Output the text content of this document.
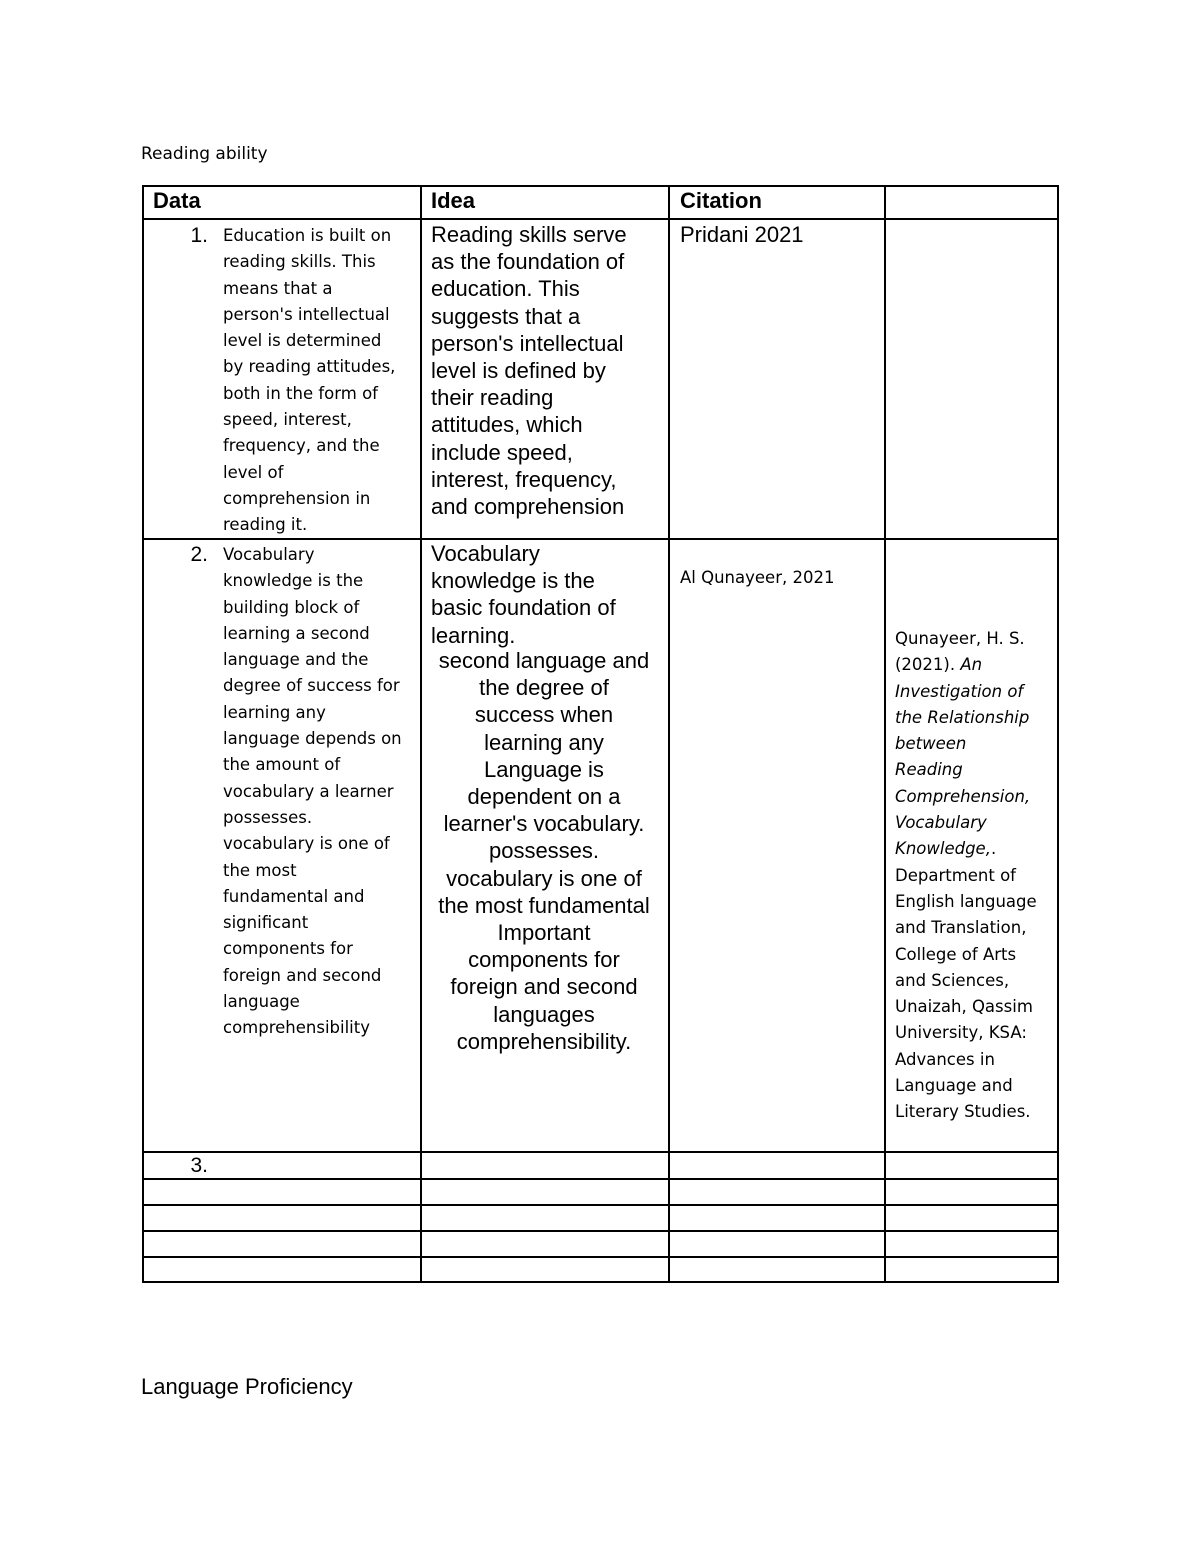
Reading ability
Data	Idea	Citation
1. Education is built on
reading skills. This
means that a
person's intellectual
level is determined
by reading attitudes,
both in the form of
speed, interest,
frequency, and the
level of
comprehension in
reading it.
Reading skills serve
as the foundation of
education. This
suggests that a
person's intellectual
level is defined by
their reading
attitudes, which
include speed,
interest, frequency,
and comprehension
Pridani 2021
2. Vocabulary
knowledge is the
building block of
learning a second
language and the
degree of success for
learning any
language depends on
the amount of
vocabulary a learner
possesses.
vocabulary is one of
the most
fundamental and
significant
components for
foreign and second
language
comprehensibility
Vocabulary
knowledge is the
basic foundation of
learning.
second language and
the degree of
success when
learning any
Language is
dependent on a
learner's vocabulary.
possesses.
vocabulary is one of
the most fundamental
Important
components for
foreign and second
languages
comprehensibility.
Al Qunayeer, 2021
Qunayeer, H. S.
(2021). An
Investigation of
the Relationship
between
Reading
Comprehension,
Vocabulary
Knowledge,.
Department of
English language
and Translation,
College of Arts
and Sciences,
Unaizah, Qassim
University, KSA:
Advances in
Language and
Literary Studies.
3.
Language Proficiency
